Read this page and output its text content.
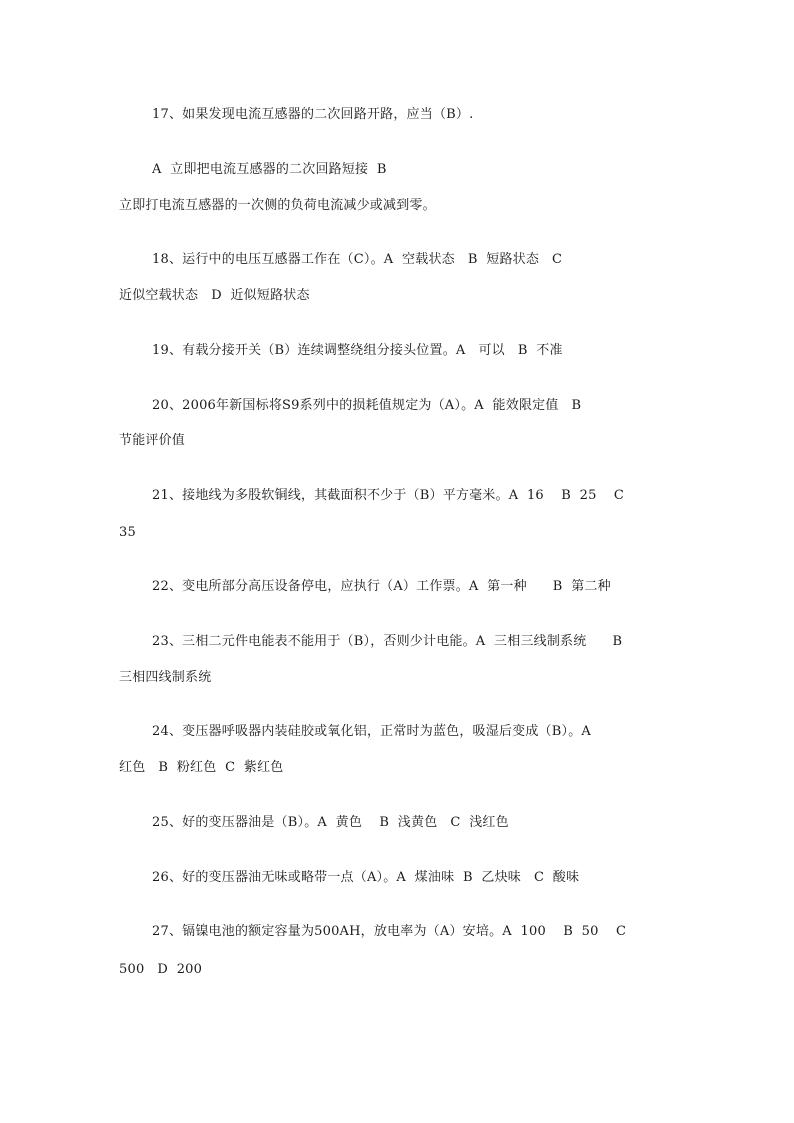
17、如果发现电流互感器的二次回路开路，应当（B）.
A  立即把电流互感器的二次回路短接  B
立即打电流互感器的一次侧的负荷电流减少或减到零。
18、运行中的电压互感器工作在（C）。A  空载状态   B  短路状态   C
近似空载状态   D  近似短路状态
19、有载分接开关（B）连续调整绕组分接头位置。A   可以   B  不准
20、2006年新国标将S9系列中的损耗值规定为（A）。A  能效限定值   B
节能评价值
21、接地线为多股软铜线，其截面积不少于（B）平方毫米。A  16    B  25    C
35
22、变电所部分高压设备停电，应执行（A）工作票。A  第一种      B  第二种
23、三相二元件电能表不能用于（B），否则少计电能。A  三相三线制系统      B
三相四线制系统
24、变压器呼吸器内装硅胶或氧化铝，正常时为蓝色，吸湿后变成（B）。A
红色   B  粉红色  C  紫红色
25、好的变压器油是（B）。A  黄色    B  浅黄色   C  浅红色
26、好的变压器油无味或略带一点（A）。A  煤油味  B  乙炔味   C  酸味
27、镉镍电池的额定容量为500AH，放电率为（A）安培。A  100    B  50    C
500   D  200
